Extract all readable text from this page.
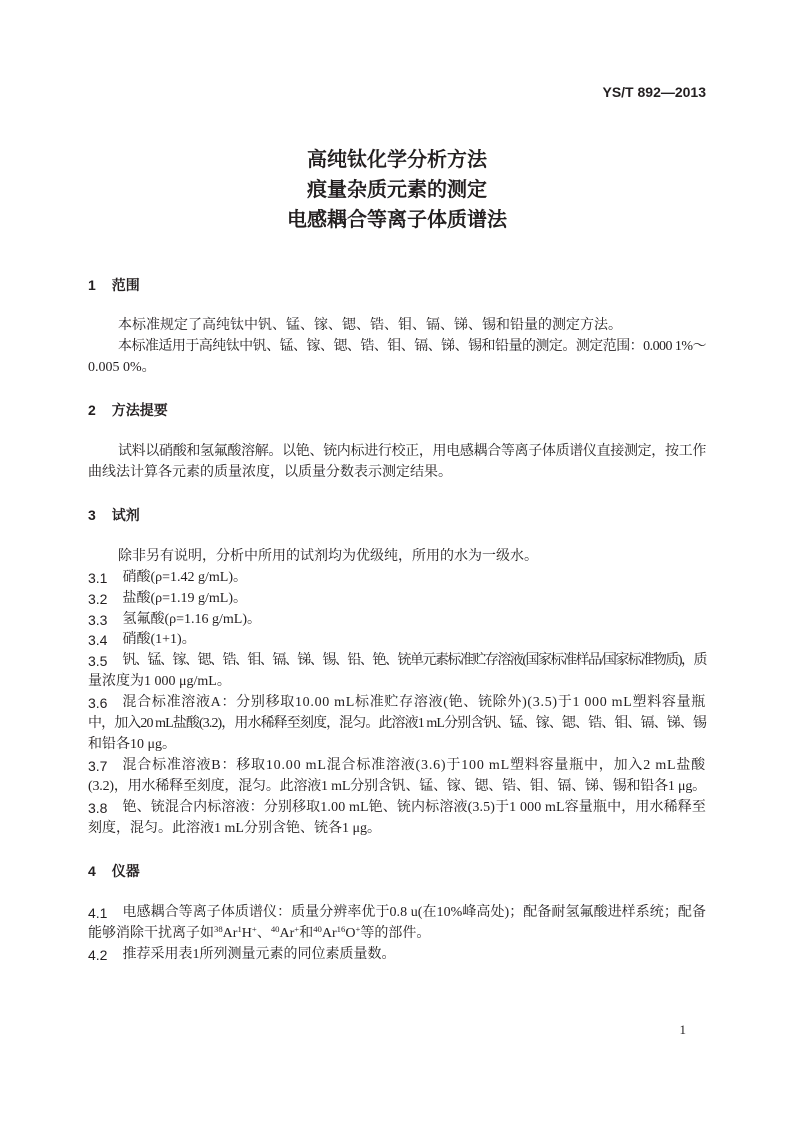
YS/T 892—2013
高纯钛化学分析方法
痕量杂质元素的测定
电感耦合等离子体质谱法
1 范围
本标准规定了高纯钛中钒、锰、镓、锶、锆、钼、镉、锑、锡和铅量的测定方法。
本标准适用于高纯钛中钒、锰、镓、锶、锆、钼、镉、锑、锡和铅量的测定。测定范围：0.000 1%～
0.005 0%。
2 方法提要
试料以硝酸和氢氟酸溶解。以铯、铳内标进行校正，用电感耦合等离子体质谱仪直接测定，按工作
曲线法计算各元素的质量浓度，以质量分数表示测定结果。
3 试剂
除非另有说明，分析中所用的试剂均为优级纯，所用的水为一级水。
3.1 硝酸(ρ=1.42 g/mL)。
3.2 盐酸(ρ=1.19 g/mL)。
3.3 氢氟酸(ρ=1.16 g/mL)。
3.4 硝酸(1+1)。
3.5 钒、锰、镓、锶、锆、钼、镉、锑、锡、铅、铯、铳单元素标准贮存溶液(国家标准样品/国家标准物质)，质
量浓度为1 000 μg/mL。
3.6 混合标准溶液A：分别移取10.00 mL标准贮存溶液(铯、铳除外)(3.5)于1 000 mL塑料容量瓶
中，加入20 mL盐酸(3.2)，用水稀释至刻度，混匀。此溶液1 mL分别含钒、锰、镓、锶、锆、钼、镉、锑、锡
和铅各10 μg。
3.7 混合标准溶液B：移取10.00 mL混合标准溶液(3.6)于100 mL塑料容量瓶中，加入2 mL盐酸
(3.2)，用水稀释至刻度，混匀。此溶液1 mL分别含钒、锰、镓、锶、锆、钼、镉、锑、锡和铅各1 μg。
3.8 铯、铳混合内标溶液：分别移取1.00 mL铯、铳内标溶液(3.5)于1 000 mL容量瓶中，用水稀释至
刻度，混匀。此溶液1 mL分别含铯、铳各1 μg。
4 仪器
4.1 电感耦合等离子体质谱仪：质量分辨率优于0.8 u(在10%峰高处)；配备耐氢氟酸进样系统；配备
能够消除干扰离子如$^{38}$Ar$^1$H+、$^{40}$Ar+和$^{40}$Ar$^{16}$O+等的部件。
4.2 推荐采用表1所列测量元素的同位素质量数。
1
